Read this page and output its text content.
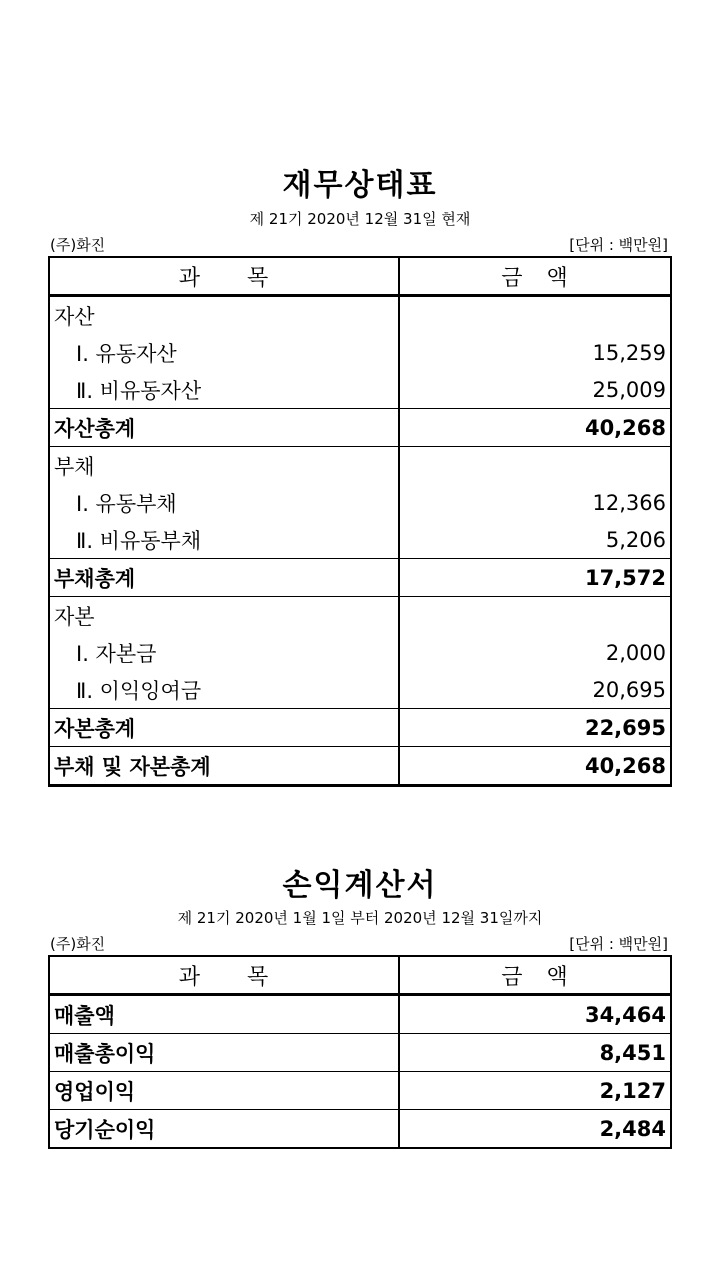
재무상태표
제 21기 2020년 12월 31일 현재
(주)화진	[단위 : 백만원]
과　　목	금　액
자산	
Ⅰ. 유동자산	15,259
Ⅱ. 비유동자산	25,009
자산총계	40,268
부채	
Ⅰ. 유동부채	12,366
Ⅱ. 비유동부채	5,206
부채총계	17,572
자본	
Ⅰ. 자본금	2,000
Ⅱ. 이익잉여금	20,695
자본총계	22,695
부채 및 자본총계	40,268
손익계산서
제 21기 2020년 1월 1일 부터 2020년 12월 31일까지
(주)화진	[단위 : 백만원]
과　　목	금　액
매출액	34,464
매출총이익	8,451
영업이익	2,127
당기순이익	2,484
